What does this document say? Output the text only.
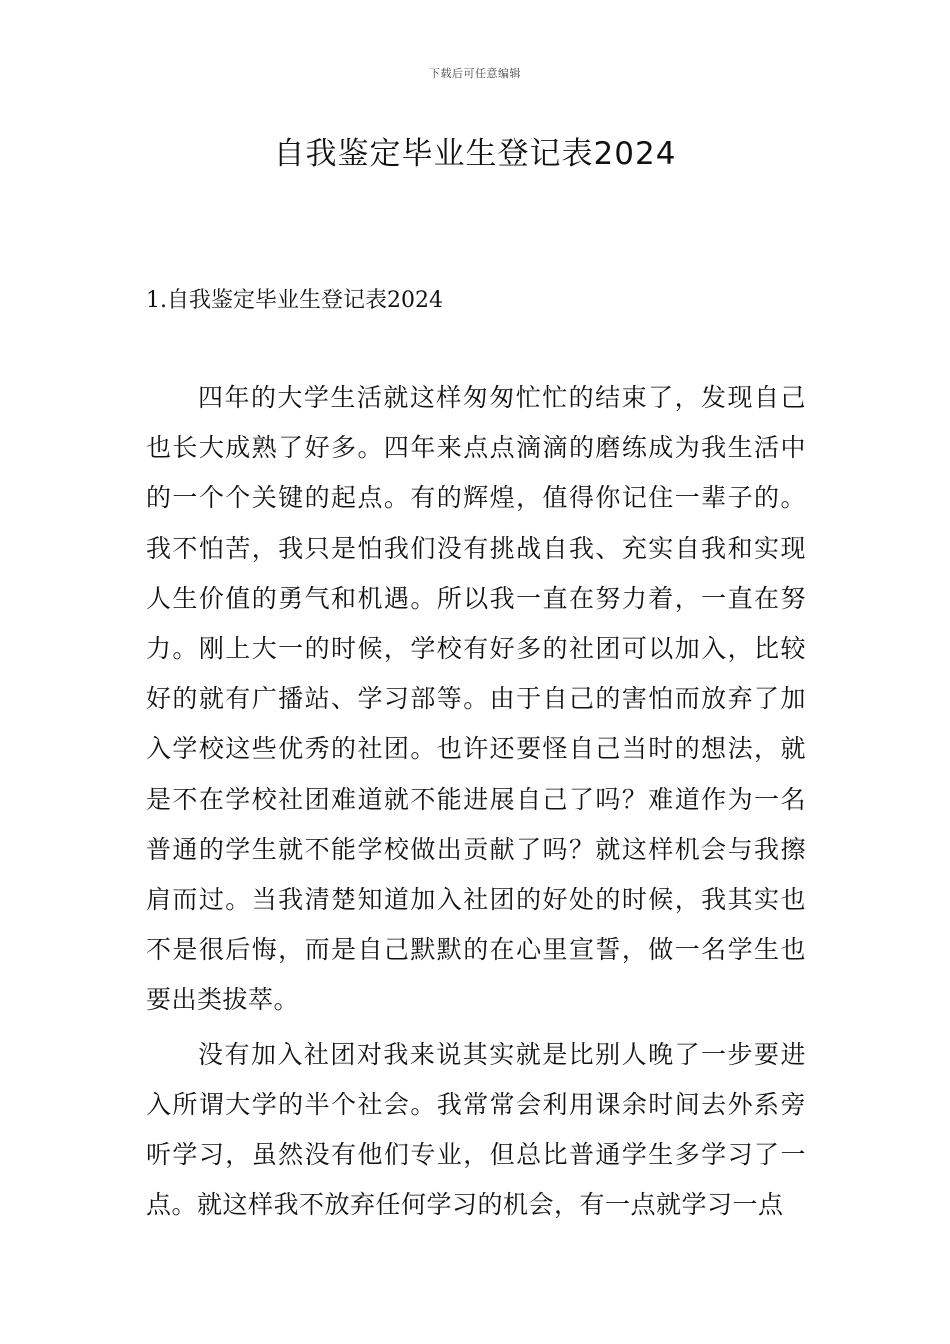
下载后可任意编辑
自我鉴定毕业生登记表2024
1.自我鉴定毕业生登记表2024

四年的大学生活就这样匆匆忙忙的结束了，发现自己也长大成熟了好多。四年来点点滴滴的磨练成为我生活中的一个个关键的起点。有的辉煌，值得你记住一辈子的。我不怕苦，我只是怕我们没有挑战自我、充实自我和实现人生价值的勇气和机遇。所以我一直在努力着，一直在努力。刚上大一的时候，学校有好多的社团可以加入，比较好的就有广播站、学习部等。由于自己的害怕而放弃了加入学校这些优秀的社团。也许还要怪自己当时的想法，就是不在学校社团难道就不能进展自己了吗？难道作为一名普通的学生就不能学校做出贡献了吗？就这样机会与我擦肩而过。当我清楚知道加入社团的好处的时候，我其实也不是很后悔，而是自己默默的在心里宣誓，做一名学生也要出类拔萃。

没有加入社团对我来说其实就是比别人晚了一步要进入所谓大学的半个社会。我常常会利用课余时间去外系旁听学习，虽然没有他们专业，但总比普通学生多学习了一点。就这样我不放弃任何学习的机会，有一点就学习一点
